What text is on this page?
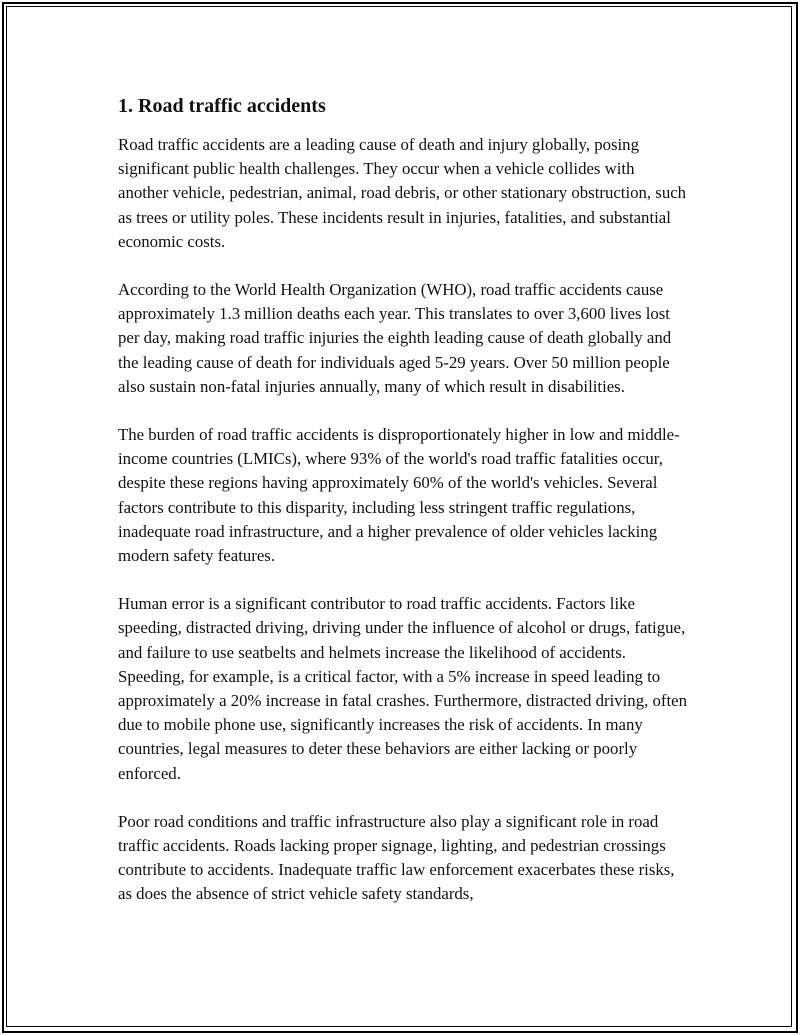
1. Road traffic accidents

Road traffic accidents are a leading cause of death and injury globally, posing significant public health challenges. They occur when a vehicle collides with another vehicle, pedestrian, animal, road debris, or other stationary obstruction, such as trees or utility poles. These incidents result in injuries, fatalities, and substantial economic costs.

According to the World Health Organization (WHO), road traffic accidents cause approximately 1.3 million deaths each year. This translates to over 3,600 lives lost per day, making road traffic injuries the eighth leading cause of death globally and the leading cause of death for individuals aged 5-29 years. Over 50 million people also sustain non-fatal injuries annually, many of which result in disabilities.

The burden of road traffic accidents is disproportionately higher in low and middle-income countries (LMICs), where 93% of the world's road traffic fatalities occur, despite these regions having approximately 60% of the world's vehicles. Several factors contribute to this disparity, including less stringent traffic regulations, inadequate road infrastructure, and a higher prevalence of older vehicles lacking modern safety features.

Human error is a significant contributor to road traffic accidents. Factors like speeding, distracted driving, driving under the influence of alcohol or drugs, fatigue, and failure to use seatbelts and helmets increase the likelihood of accidents. Speeding, for example, is a critical factor, with a 5% increase in speed leading to approximately a 20% increase in fatal crashes. Furthermore, distracted driving, often due to mobile phone use, significantly increases the risk of accidents. In many countries, legal measures to deter these behaviors are either lacking or poorly enforced.

Poor road conditions and traffic infrastructure also play a significant role in road traffic accidents. Roads lacking proper signage, lighting, and pedestrian crossings contribute to accidents. Inadequate traffic law enforcement exacerbates these risks, as does the absence of strict vehicle safety standards,
